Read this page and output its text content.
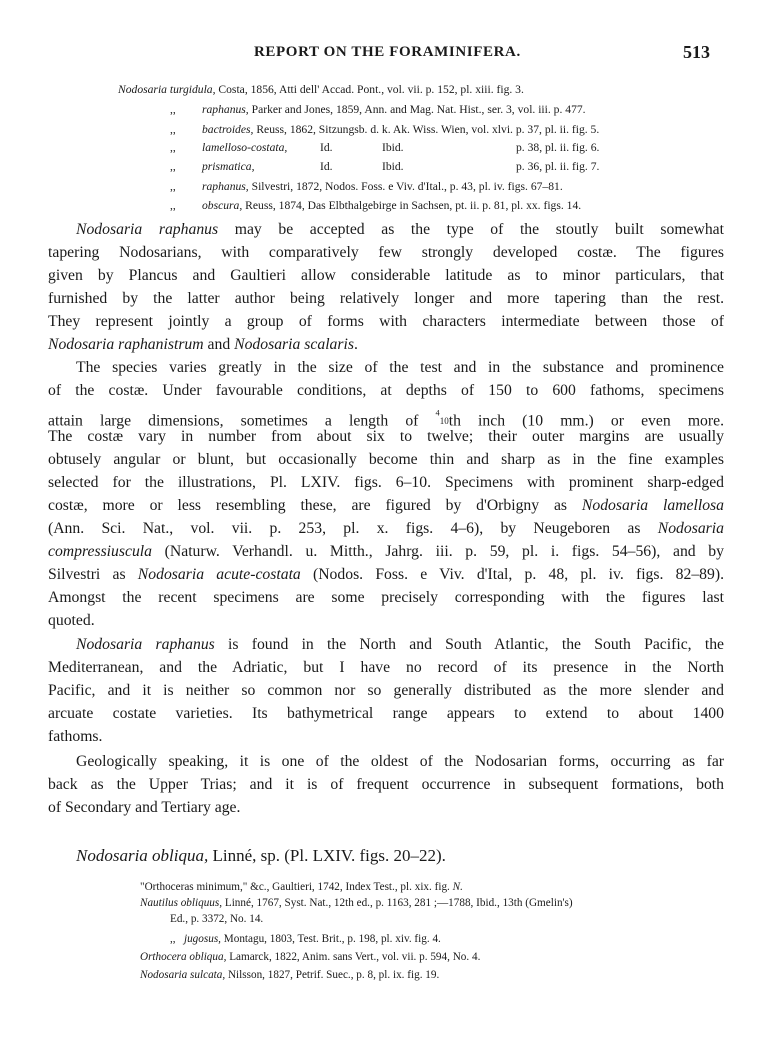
REPORT ON THE FORAMINIFERA.	513
Nodosaria turgidula, Costa, 1856, Atti dell' Accad. Pont., vol. vii. p. 152, pl. xiii. fig. 3.
,, raphanus, Parker and Jones, 1859, Ann. and Mag. Nat. Hist., ser. 3, vol. iii. p. 477.
,, bactroides, Reuss, 1862, Sitzungsb. d. k. Ak. Wiss. Wien, vol. xlvi. p. 37, pl. ii. fig. 5.
,, lamelloso-costata,	Id.	Ibid.	p. 38, pl. ii. fig. 6.
,, prismatica,	Id.	Ibid.	p. 36, pl. ii. fig. 7.
,, raphanus, Silvestri, 1872, Nodos. Foss. e Viv. d'Ital., p. 43, pl. iv. figs. 67–81.
,, obscura, Reuss, 1874, Das Elbthalgebirge in Sachsen, pt. ii. p. 81, pl. xx. figs. 14.
Nodosaria raphanus may be accepted as the type of the stoutly built somewhat
tapering Nodosarians, with comparatively few strongly developed costæ. The figures
given by Plancus and Gaultieri allow considerable latitude as to minor particulars, that
furnished by the latter author being relatively longer and more tapering than the rest.
They represent jointly a group of forms with characters intermediate between those of
Nodosaria raphanistrum and Nodosaria scalaris.
The species varies greatly in the size of the test and in the substance and prominence
of the costæ. Under favourable conditions, at depths of 150 to 600 fathoms, specimens
attain large dimensions, sometimes a length of $^{^4_{10}}$th inch (10 mm.) or even more.
The costæ vary in number from about six to twelve; their outer margins are usually
obtusely angular or blunt, but occasionally become thin and sharp as in the fine examples
selected for the illustrations, Pl. LXIV. figs. 6–10. Specimens with prominent sharp-edged
costæ, more or less resembling these, are figured by d'Orbigny as Nodosaria lamellosa
(Ann. Sci. Nat., vol. vii. p. 253, pl. x. figs. 4–6), by Neugeboren as Nodosaria
compressiuscula (Naturw. Verhandl. u. Mitth., Jahrg. iii. p. 59, pl. i. figs. 54–56), and by
Silvestri as Nodosaria acute-costata (Nodos. Foss. e Viv. d'Ital, p. 48, pl. iv. figs. 82–89).
Amongst the recent specimens are some precisely corresponding with the figures last
quoted.
Nodosaria raphanus is found in the North and South Atlantic, the South Pacific, the
Mediterranean, and the Adriatic, but I have no record of its presence in the North
Pacific, and it is neither so common nor so generally distributed as the more slender and
arcuate costate varieties. Its bathymetrical range appears to extend to about 1400
fathoms.
Geologically speaking, it is one of the oldest of the Nodosarian forms, occurring as far
back as the Upper Trias; and it is of frequent occurrence in subsequent formations, both
of Secondary and Tertiary age.
Nodosaria obliqua, Linné, sp. (Pl. LXIV. figs. 20–22).
"Orthoceras minimum," &c., Gaultieri, 1742, Index Test., pl. xix. fig. N.
Nautilus obliquus, Linné, 1767, Syst. Nat., 12th ed., p. 1163, 281 ;—1788, Ibid., 13th (Gmelin's)
Ed., p. 3372, No. 14.
,,   jugosus, Montagu, 1803, Test. Brit., p. 198, pl. xiv. fig. 4.
Orthocera obliqua, Lamarck, 1822, Anim. sans Vert., vol. vii. p. 594, No. 4.
Nodosaria sulcata, Nilsson, 1827, Petrif. Suec., p. 8, pl. ix. fig. 19.
